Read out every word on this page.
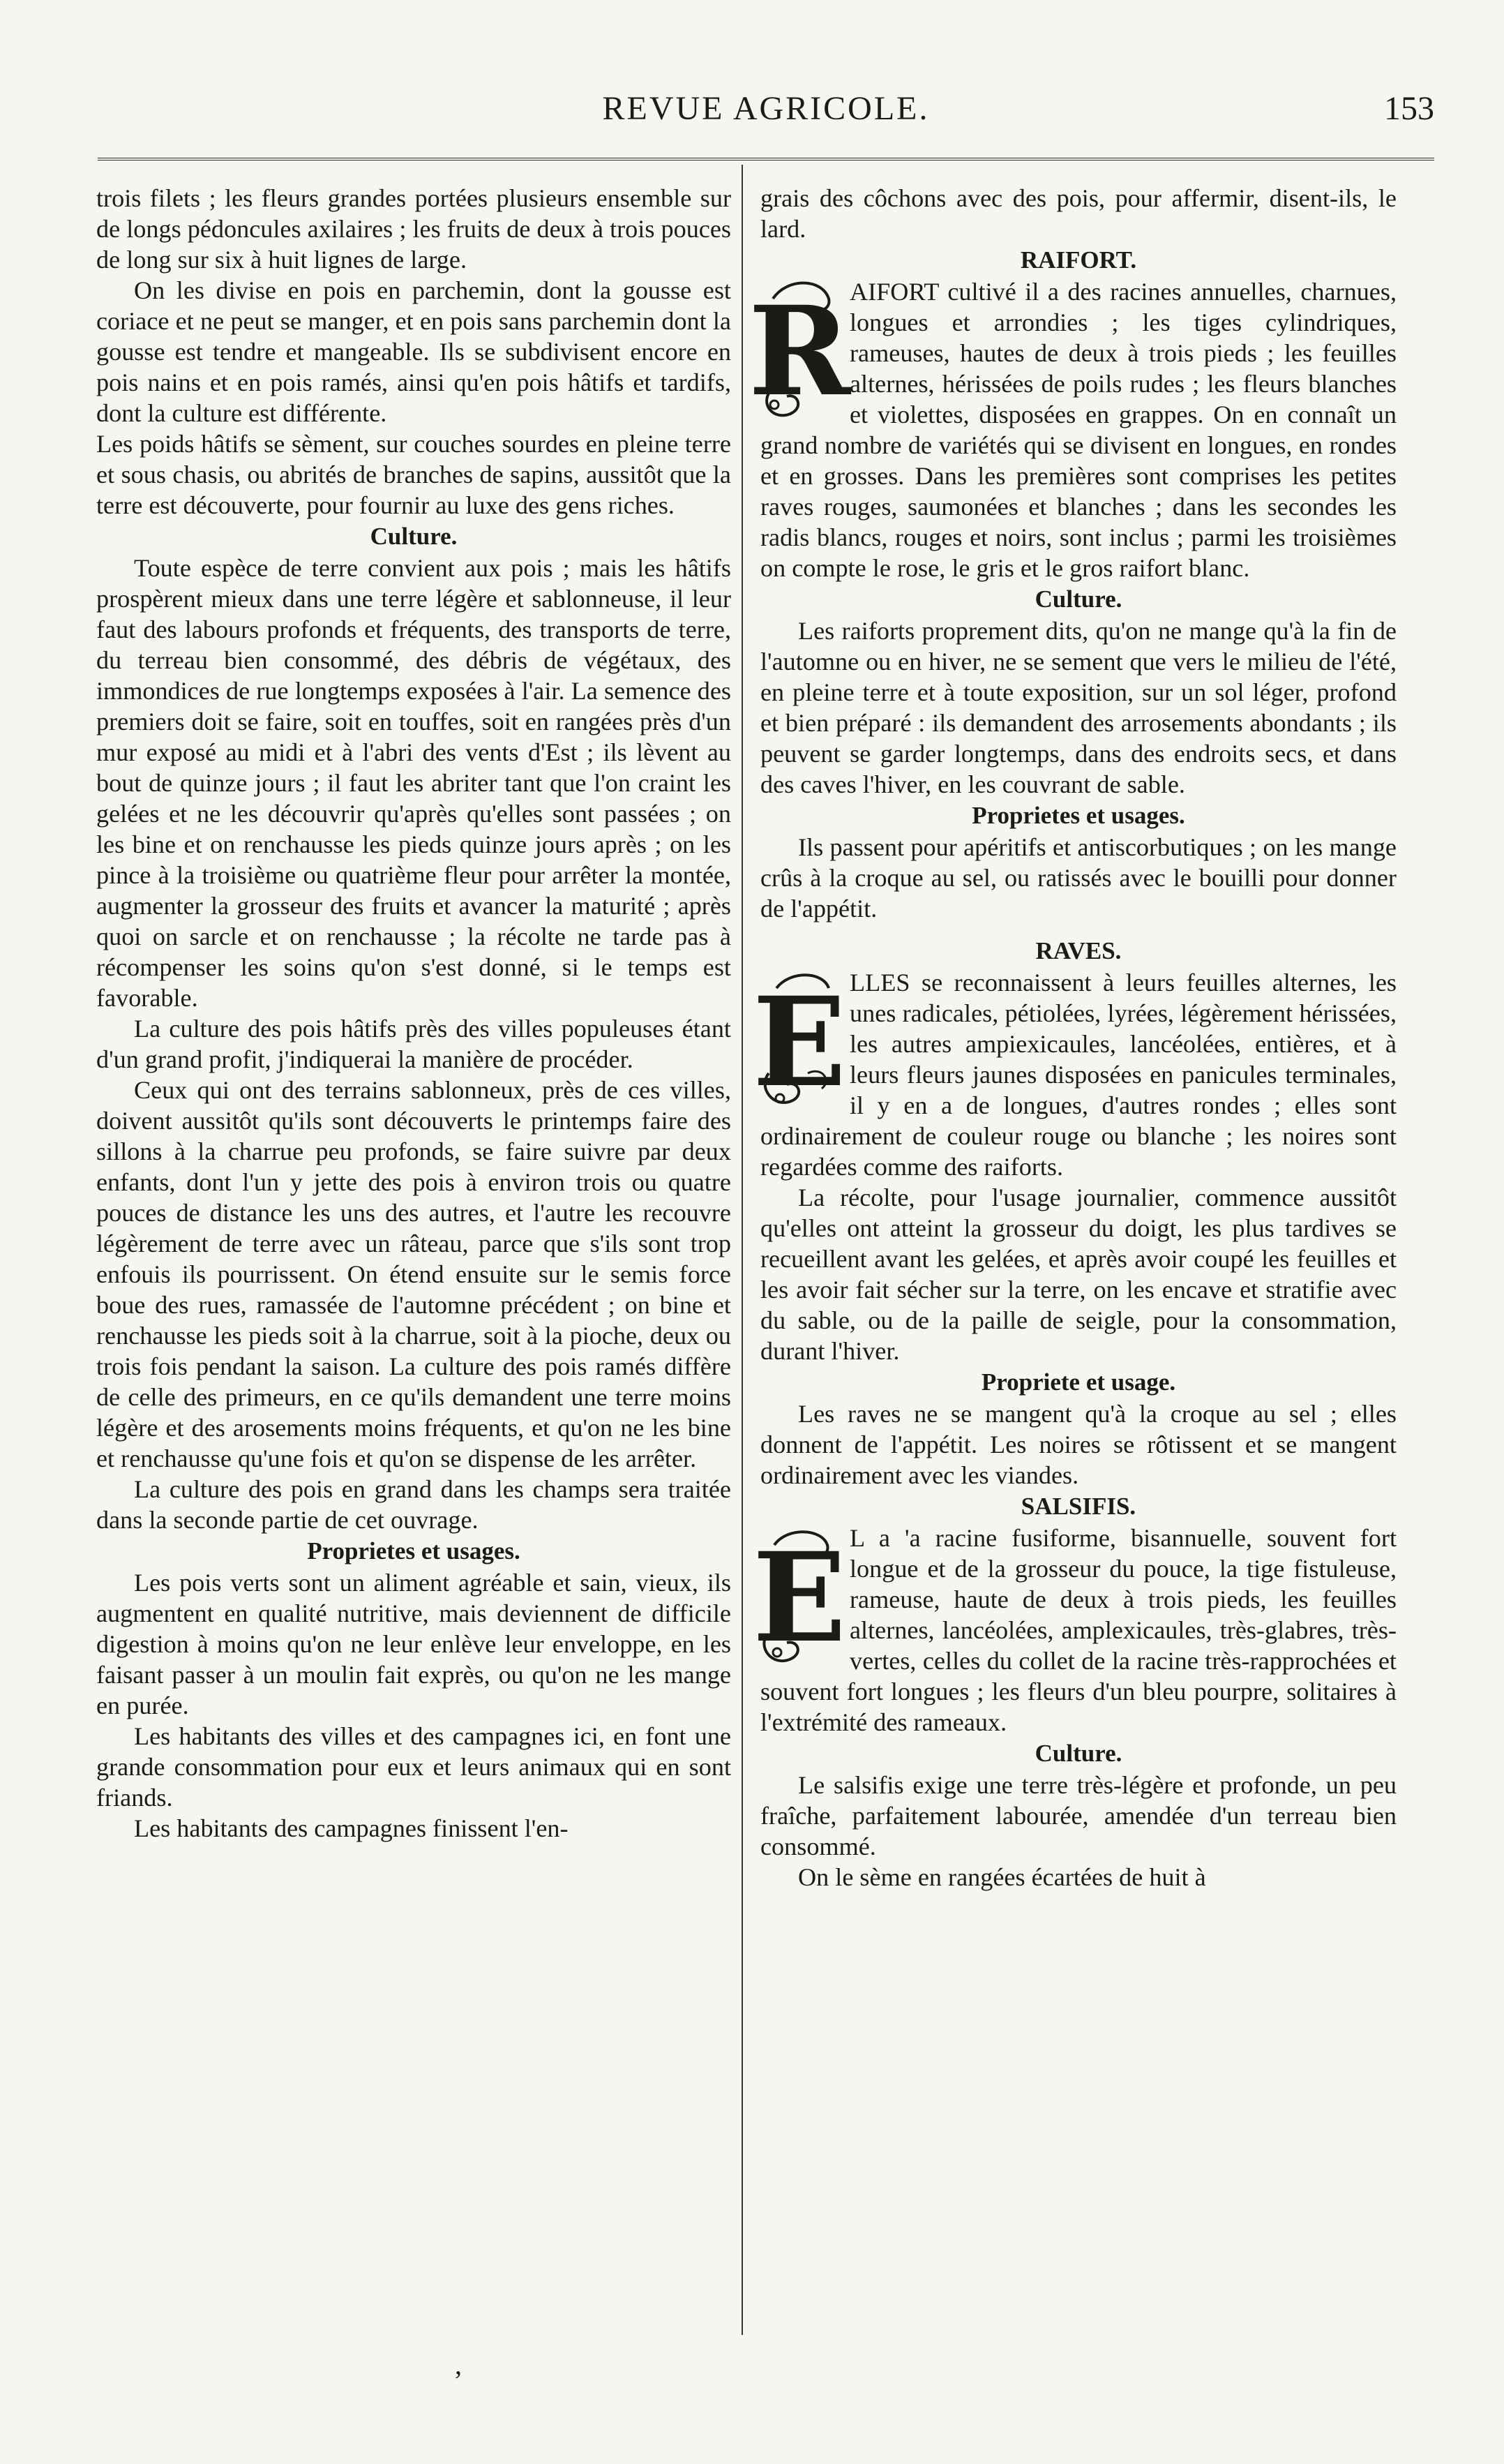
REVUE AGRICOLE.	153

trois filets ; les fleurs grandes portées plusieurs ensemble sur de longs pédoncules axilaires ; les fruits de deux à trois pouces de long sur six à huit lignes de large.

On les divise en pois en parchemin, dont la gousse est coriace et ne peut se manger, et en pois sans parchemin dont la gousse est tendre et mangeable. Ils se subdivisent encore en pois nains et en pois ramés, ainsi qu'en pois hâtifs et tardifs, dont la culture est différente.

Les poids hâtifs se sèment, sur couches sourdes en pleine terre et sous chasis, ou abrités de branches de sapins, aussitôt que la terre est découverte, pour fournir au luxe des gens riches.

Culture.

Toute espèce de terre convient aux pois ; mais les hâtifs prospèrent mieux dans une terre légère et sablonneuse, il leur faut des labours profonds et fréquents, des transports de terre, du terreau bien consommé, des débris de végétaux, des immondices de rue longtemps exposées à l'air. La semence des premiers doit se faire, soit en touffes, soit en rangées près d'un mur exposé au midi et à l'abri des vents d'Est ; ils lèvent au bout de quinze jours ; il faut les abriter tant que l'on craint les gelées et ne les découvrir qu'après qu'elles sont passées ; on les bine et on renchausse les pieds quinze jours après ; on les pince à la troisième ou quatrième fleur pour arrêter la montée, augmenter la grosseur des fruits et avancer la maturité ; après quoi on sarcle et on renchausse ; la récolte ne tarde pas à récompenser les soins qu'on s'est donné, si le temps est favorable.

La culture des pois hâtifs près des villes populeuses étant d'un grand profit, j'indiquerai la manière de procéder.

Ceux qui ont des terrains sablonneux, près de ces villes, doivent aussitôt qu'ils sont découverts le printemps faire des sillons à la charrue peu profonds, se faire suivre par deux enfants, dont l'un y jette des pois à environ trois ou quatre pouces de distance les uns des autres, et l'autre les recouvre légèrement de terre avec un râteau, parce que s'ils sont trop enfouis ils pourrissent. On étend ensuite sur le semis force boue des rues, ramassée de l'automne précédent ; on bine et renchausse les pieds soit à la charrue, soit à la pioche, deux ou trois fois pendant la saison. La culture des pois ramés diffère de celle des primeurs, en ce qu'ils demandent une terre moins légère et des arosements moins fréquents, et qu'on ne les bine et renchausse qu'une fois et qu'on se dispense de les arrêter.

La culture des pois en grand dans les champs sera traitée dans la seconde partie de cet ouvrage.

Proprietes et usages.

Les pois verts sont un aliment agréable et sain, vieux, ils augmentent en qualité nutritive, mais deviennent de difficile digestion à moins qu'on ne leur enlève leur enveloppe, en les faisant passer à un moulin fait exprès, ou qu'on ne les mange en purée.

Les habitants des villes et des campagnes ici, en font une grande consommation pour eux et leurs animaux qui en sont friands.

Les habitants des campagnes finissent l'en-

grais des côchons avec des pois, pour affermir, disent-ils, le lard.

RAIFORT.
R

AIFORT cultivé il a des racines annuelles, charnues, longues et arrondies ; les tiges cylindriques, rameuses, hautes de deux à trois pieds ; les feuilles alternes, hérissées de poils rudes ; les fleurs blanches et violettes, disposées en grappes. On en connaît un grand nombre de variétés qui se divisent en longues, en rondes et en grosses. Dans les premières sont comprises les petites raves rouges, saumonées et blanches ; dans les secondes les radis blancs, rouges et noirs, sont inclus ; parmi les troisièmes on compte le rose, le gris et le gros raifort blanc.

Culture.

Les raiforts proprement dits, qu'on ne mange qu'à la fin de l'automne ou en hiver, ne se sement que vers le milieu de l'été, en pleine terre et à toute exposition, sur un sol léger, profond et bien préparé : ils demandent des arrosements abondants ; ils peuvent se garder longtemps, dans des endroits secs, et dans des caves l'hiver, en les couvrant de sable.

Proprietes et usages.

Ils passent pour apéritifs et antiscorbutiques ; on les mange crûs à la croque au sel, ou ratissés avec le bouilli pour donner de l'appétit.

RAVES.
E LLES se reconnaissent à leurs feuilles alternes, les unes radicales, pétiolées, lyrées, légèrement hérissées, les autres ampiexicaules, lancéolées, entières, et à leurs fleurs jaunes disposées en panicules terminales, il y en a de longues, d'autres rondes ; elles sont ordinairement de couleur rouge ou blanche ; les noires sont regardées comme des raiforts.

La récolte, pour l'usage journalier, commence aussitôt qu'elles ont atteint la grosseur du doigt, les plus tardives se recueillent avant les gelées, et après avoir coupé les feuilles et les avoir fait sécher sur la terre, on les encave et stratifie avec du sable, ou de la paille de seigle, pour la consommation, durant l'hiver.

Propriete et usage.

Les raves ne se mangent qu'à la croque au sel ; elles donnent de l'appétit. Les noires se rôtissent et se mangent ordinairement avec les viandes.

SALSIFIS.
E L a 'a racine fusiforme, bisannuelle, souvent fort longue et de la grosseur du pouce, la tige fistuleuse, rameuse, haute de deux à trois pieds, les feuilles alternes, lancéolées, amplexicaules, très-glabres, très-vertes, celles du collet de la racine très-rapprochées et souvent fort longues ; les fleurs d'un bleu pourpre, solitaires à l'extrémité des rameaux.

Culture.

Le salsifis exige une terre très-légère et profonde, un peu fraîche, parfaitement labourée, amendée d'un terreau bien consommé.

On le sème en rangées écartées de huit à

ʼ
